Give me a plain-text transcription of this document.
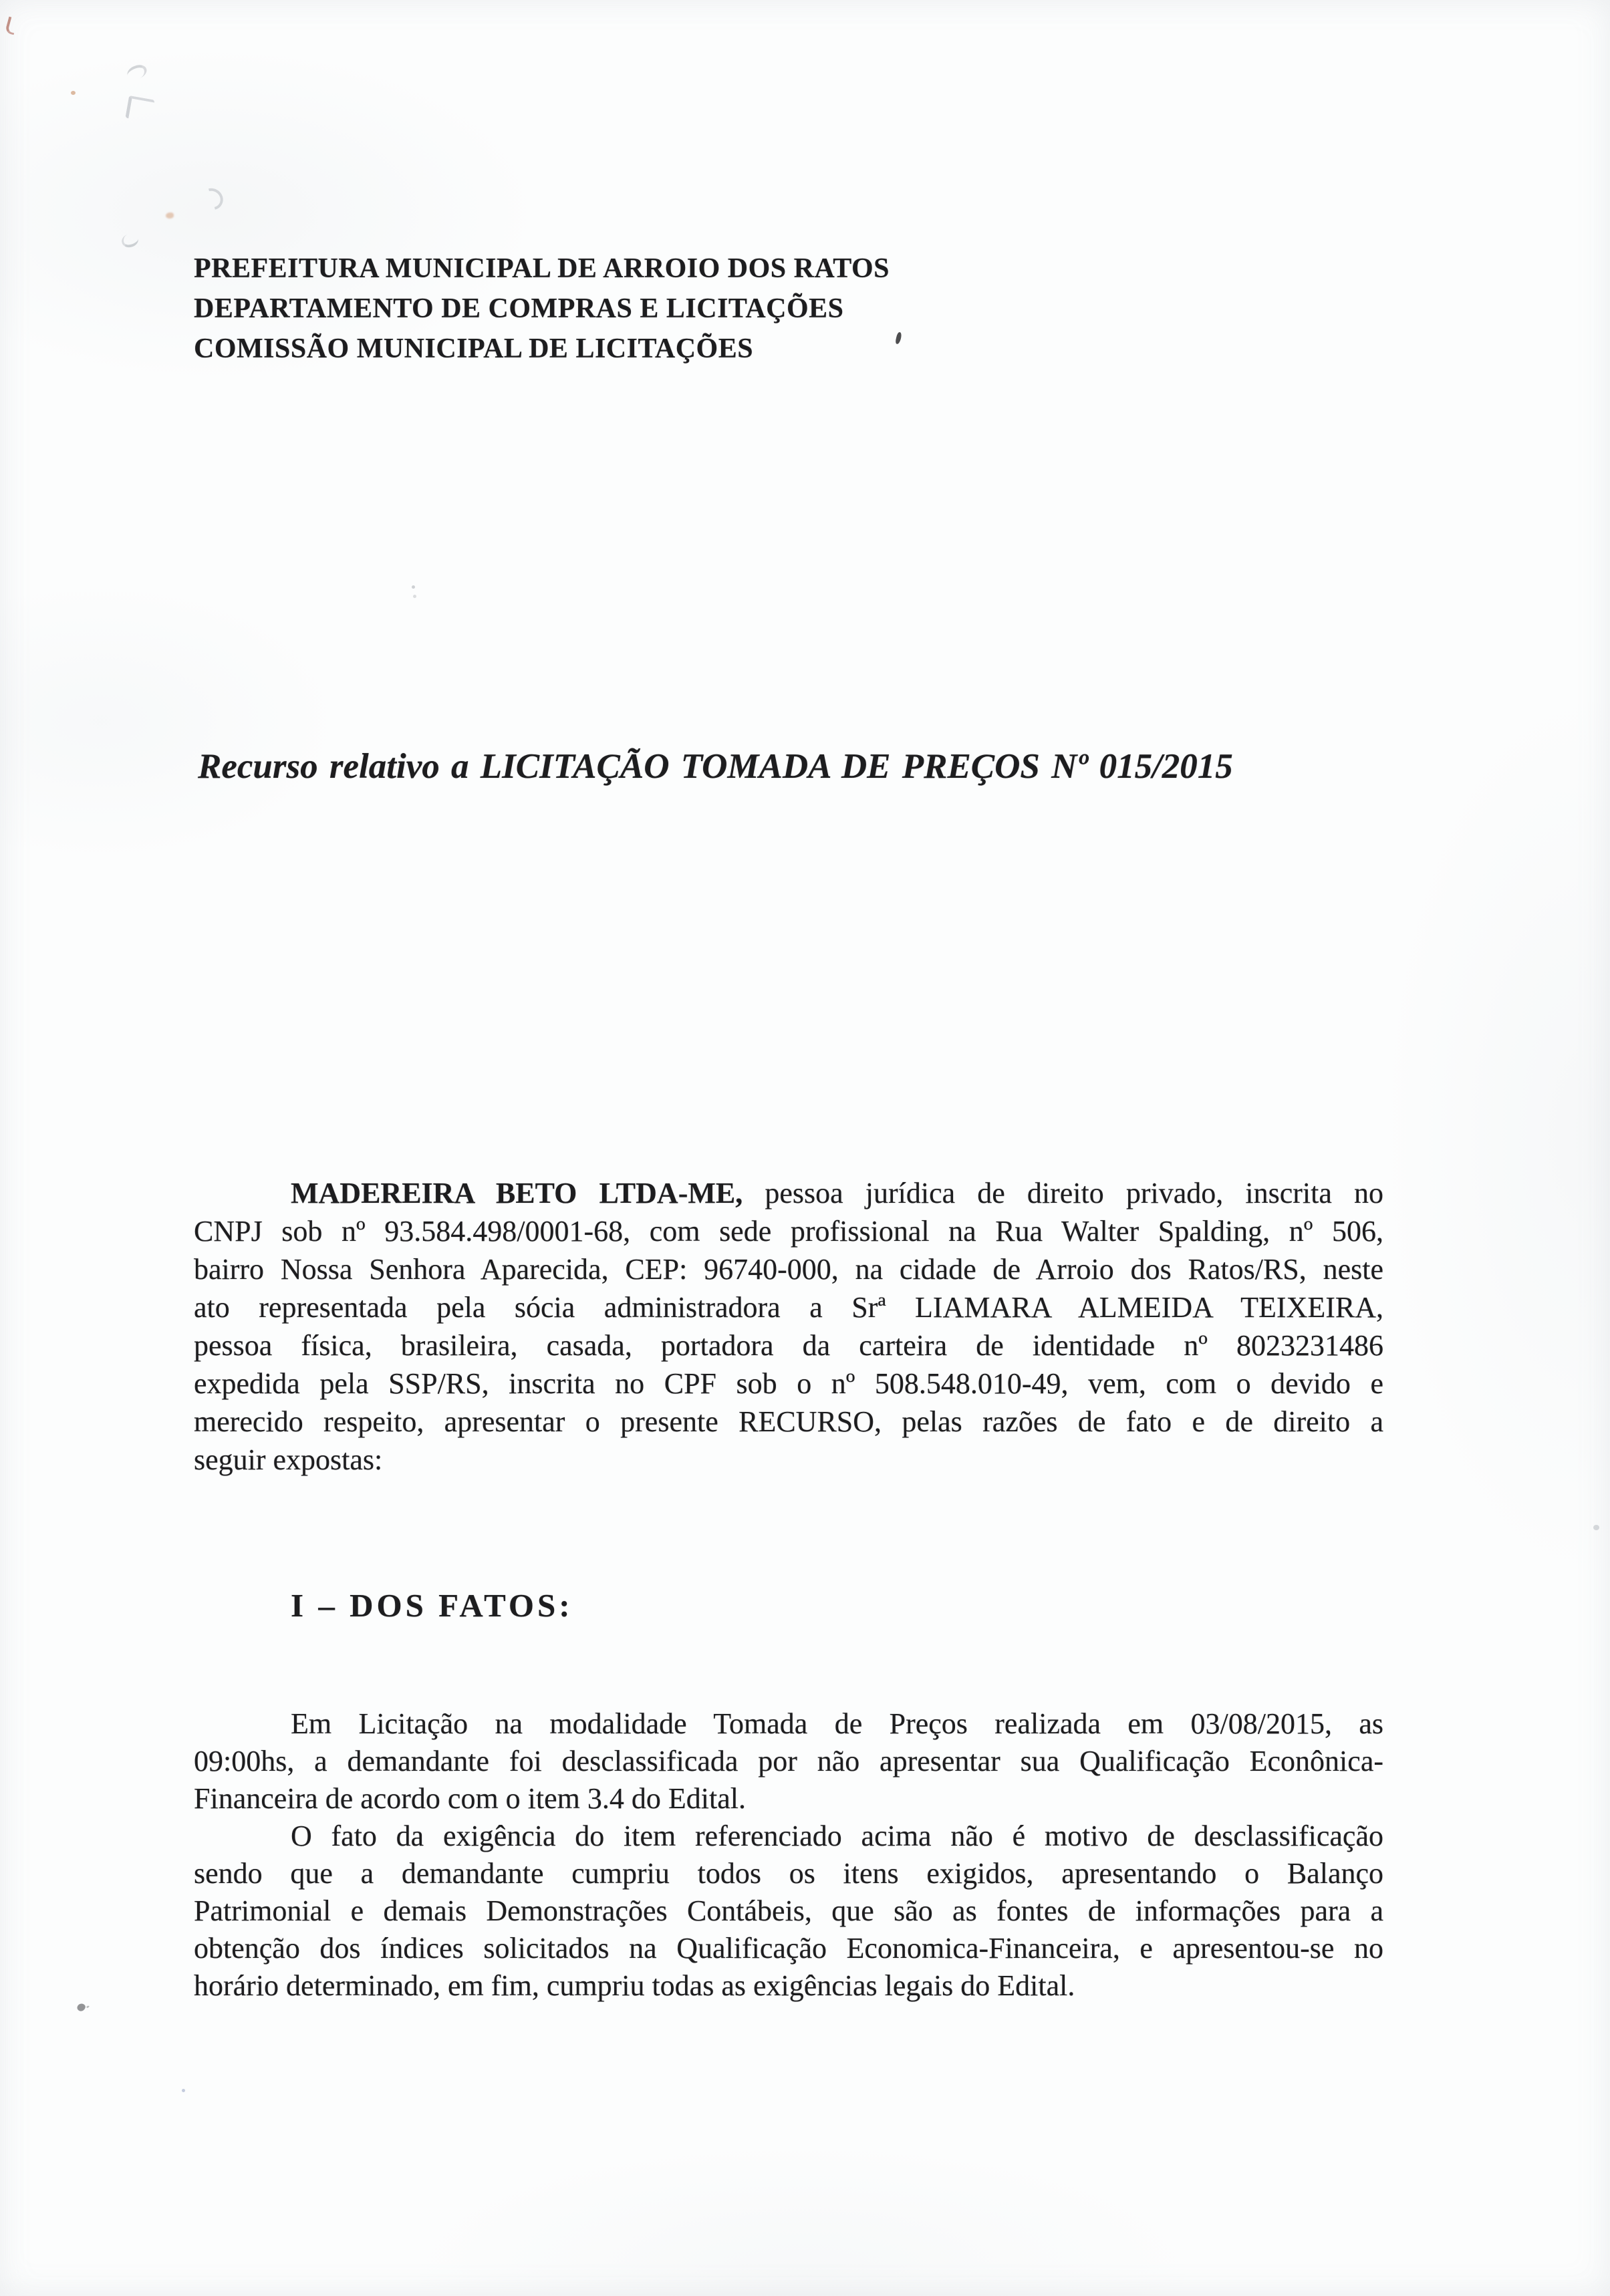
PREFEITURA MUNICIPAL DE ARROIO DOS RATOS
DEPARTAMENTO DE COMPRAS E LICITAÇÕES
COMISSÃO MUNICIPAL DE LICITAÇÕES
Recurso relativo a LICITAÇÃO TOMADA DE PREÇOS Nº 015/2015
MADEREIRA BETO LTDA-ME, pessoa jurídica de direito privado, inscrita no
CNPJ sob nº 93.584.498/0001-68, com sede profissional na Rua Walter Spalding, nº 506,
bairro Nossa Senhora Aparecida, CEP: 96740-000, na cidade de Arroio dos Ratos/RS, neste
ato representada pela sócia administradora a Srª LIAMARA ALMEIDA TEIXEIRA,
pessoa física, brasileira, casada, portadora da carteira de identidade nº 8023231486
expedida pela SSP/RS, inscrita no CPF sob o nº 508.548.010-49, vem, com o devido e
merecido respeito, apresentar o presente RECURSO, pelas razões de fato e de direito a
seguir expostas:
I – DOS FATOS:
Em Licitação na modalidade Tomada de Preços realizada em 03/08/2015, as
09:00hs, a demandante foi desclassificada por não apresentar sua Qualificação Econônica-
Financeira de acordo com o item 3.4 do Edital.
O fato da exigência do item referenciado acima não é motivo de desclassificação
sendo que a demandante cumpriu todos os itens exigidos, apresentando o Balanço
Patrimonial e demais Demonstrações Contábeis, que são as fontes de informações para a
obtenção dos índices solicitados na Qualificação Economica-Financeira, e apresentou-se no
horário determinado, em fim, cumpriu todas as exigências legais do Edital.
